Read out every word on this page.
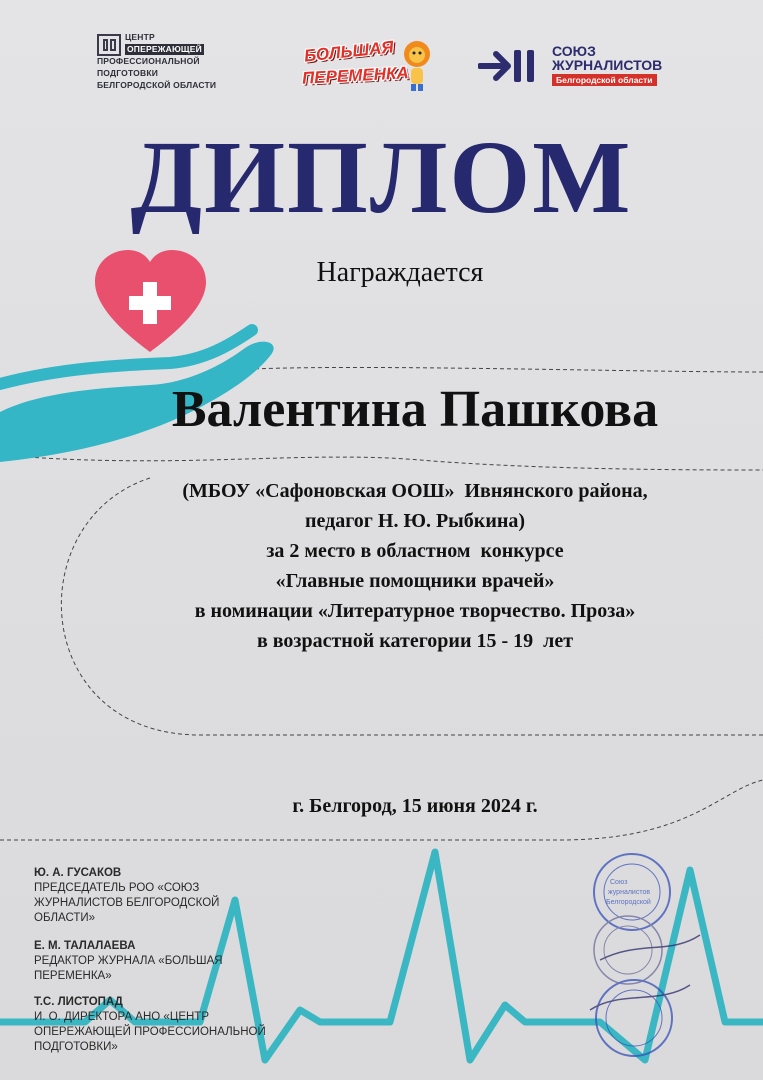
Союз
журналистов
Белгородской
ЦЕНТР
ОПЕРЕЖАЮЩЕЙ
ПРОФЕССИОНАЛЬНОЙ
ПОДГОТОВКИ
БЕЛГОРОДСКОЙ ОБЛАСТИ
БОЛЬШАЯ
ПЕРЕМЕНКА
СОЮЗ
ЖУРНАЛИСТОВ
Белгородской области
ДИПЛОМ
Награждается
Валентина Пашкова
(МБОУ «Сафоновская ООШ»  Ивнянского района,
педагог Н. Ю. Рыбкина)
за 2 место в областном  конкурсе
«Главные помощники врачей»
в номинации «Литературное творчество. Проза»
в возрастной категории 15 - 19  лет
г. Белгород, 15 июня 2024 г.
Ю. А. ГУСАКОВ
ПРЕДСЕДАТЕЛЬ РОО «СОЮЗ ЖУРНАЛИСТОВ БЕЛГОРОДСКОЙ ОБЛАСТИ»
Е. М. ТАЛАЛАЕВА
РЕДАКТОР ЖУРНАЛА «БОЛЬШАЯ ПЕРЕМЕНКА»
Т.С. ЛИСТОПАД
И. О. ДИРЕКТОРА АНО «ЦЕНТР ОПЕРЕЖАЮЩЕЙ ПРОФЕССИОНАЛЬНОЙ ПОДГОТОВКИ»
